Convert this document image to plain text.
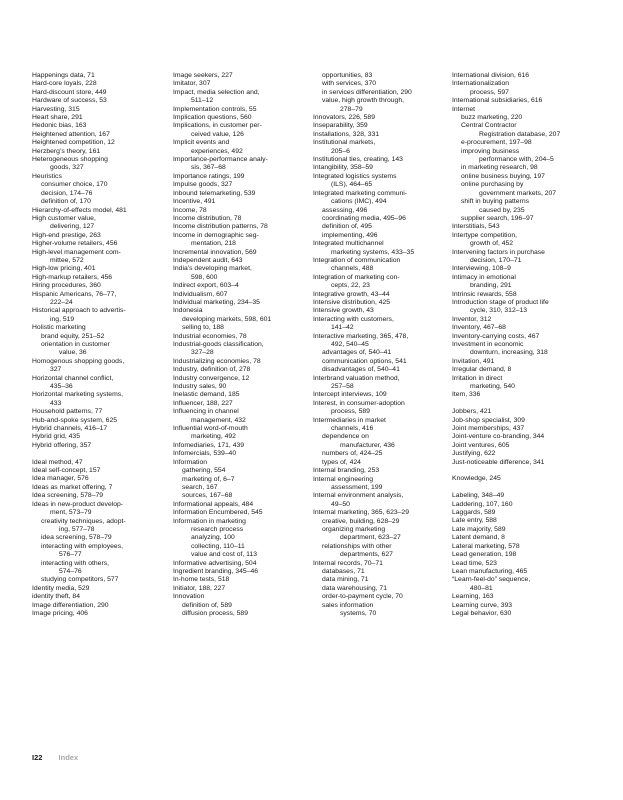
Happenings data, 71
Hard-core loyals, 228
Hard-discount store, 449
Hardware of success, 53
Harvesting, 315
Heart share, 291
Hedonic bias, 163
Heightened attention, 167
Heightened competition, 12
Herzberg’s theory, 161
Heterogeneous shopping
goods, 327
Heuristics
consumer choice, 170
decision, 174–76
definition of, 170
Hierarchy-of-effects model, 481
High customer value,
delivering, 127
High-end prestige, 263
Higher-volume retailers, 456
High-level management com-
mittee, 572
High-low pricing, 401
High-markup retailers, 456
Hiring procedures, 360
Hispanic Americans, 76–77,
222–24
Historical approach to advertis-
ing, 519
Holistic marketing
brand equity, 251–52
orientation in customer
value, 36
Homogenous shopping goods,
327
Horizontal channel conflict,
435–36
Horizontal marketing systems,
433
Household patterns, 77
Hub-and-spoke system, 625
Hybrid channels, 416–17
Hybrid grid, 435
Hybrid offering, 357
Ideal method, 47
Ideal self-concept, 157
Idea manager, 576
Ideas as market offering, 7
Idea screening, 578–79
Ideas in new-product develop-
ment, 573–79
creativity techniques, adopt-
ing, 577–78
idea screening, 578–79
interacting with employees,
576–77
interacting with others,
574–76
studying competitors, 577
Identity media, 529
identity theft, 84
Image differentiation, 290
Image pricing, 406
Image seekers, 227
Imitator, 307
Impact, media selection and,
511–12
Implementation controls, 55
Implication questions, 560
Implications, in customer per-
ceived value, 126
Implicit events and
experiences, 492
Importance-performance analy-
sis, 367–68
Importance ratings, 199
Impulse goods, 327
Inbound telemarketing, 539
Incentive, 491
Income, 78
Income distribution, 78
Income distribution patterns, 78
Income in demographic seg-
mentation, 218
Incremental innovation, 569
Independent audit, 643
India’s developing market,
598, 600
Indirect export, 603–4
Individualism, 607
Individual marketing, 234–35
Indonesia
developing markets, 598, 601
selling to, 188
Industrial economies, 78
Industrial-goods classification,
327–28
Industrializing economies, 78
Industry, definition of, 278
Industry convergence, 12
Industry sales, 90
Inelastic demand, 185
Influencer, 188, 227
Influencing in channel
management, 432
Influential word-of-mouth
marketing, 492
Infomediaries, 171, 439
Infomercials, 539–40
Information
gathering, 554
marketing of, 6–7
search, 167
sources, 167–68
Informational appeals, 484
Information Encumbered, 545
Information in marketing
research process
analyzing, 100
collecting, 110–11
value and cost of, 113
Informative advertising, 504
Ingredient branding, 345–46
In-home tests, 518
Initiator, 188, 227
Innovation
definition of, 589
diffusion process, 589
opportunities, 83
with services, 370
in services differentiation, 290
value, high growth through,
278–79
Innovators, 226, 589
Inseparability, 359
Installations, 328, 331
Institutional markets,
205–6
Institutional ties, creating, 143
Intangibility, 358–59
Integrated logistics systems
(ILS), 464–65
Integrated marketing communi-
cations (IMC), 494
assessing, 496
coordinating media, 495–96
definition of, 495
implementing, 496
Integrated multichannel
marketing systems, 433–35
Integration of communication
channels, 488
Integration of marketing con-
cepts, 22, 23
Integrative growth, 43–44
Intensive distribution, 425
Intensive growth, 43
Interacting with customers,
141–42
Interactive marketing, 365, 478,
492, 540–45
advantages of, 540–41
communication options, 541
disadvantages of, 540–41
Interbrand valuation method,
257–58
Intercept interviews, 109
Interest, in consumer-adoption
process, 589
Intermediaries in market
channels, 416
dependence on
manufacturer, 436
numbers of, 424–25
types of, 424
Internal branding, 253
Internal engineering
assessment, 199
Internal environment analysis,
49–50
Internal marketing, 365, 623–29
creative, building, 628–29
organizing marketing
department, 623–27
relationships with other
departments, 627
Internal records, 70–71
databases, 71
data mining, 71
data warehousing, 71
order-to-payment cycle, 70
sales information
systems, 70
International division, 616
Internationalization
process, 597
International subsidiaries, 616
Internet
buzz marketing, 220
Central Contractor
Registration database, 207
e-procurement, 197–98
improving business
performance with, 204–5
in marketing research, 98
online business buying, 197
online purchasing by
government markets, 207
shift in buying patterns
caused by, 235
supplier search, 196–97
Interstitials, 543
Intertype competition,
growth of, 452
Intervening factors in purchase
decision, 170–71
Interviewing, 108–9
Intimacy in emotional
branding, 291
Intrinsic rewards, 558
Introduction stage of product life
cycle, 310, 312–13
Inventor, 312
Inventory, 467–68
Inventory-carrying costs, 467
Investment in economic
downturn, increasing, 318
Invitation, 491
Irregular demand, 8
Irritation in direct
marketing, 540
Item, 336
Jobbers, 421
Job-shop specialist, 309
Joint memberships, 437
Joint-venture co-branding, 344
Joint ventures, 605
Justifying, 622
Just-noticeable difference, 341
Knowledge, 245
Labeling, 348–49
Laddering, 107, 160
Laggards, 589
Late entry, 588
Late majority, 589
Latent demand, 8
Lateral marketing, 578
Lead generation, 198
Lead time, 523
Lean manufacturing, 465
“Learn-feel-do” sequence,
480–81
Learning, 163
Learning curve, 393
Legal behavior, 630
I22 Index
